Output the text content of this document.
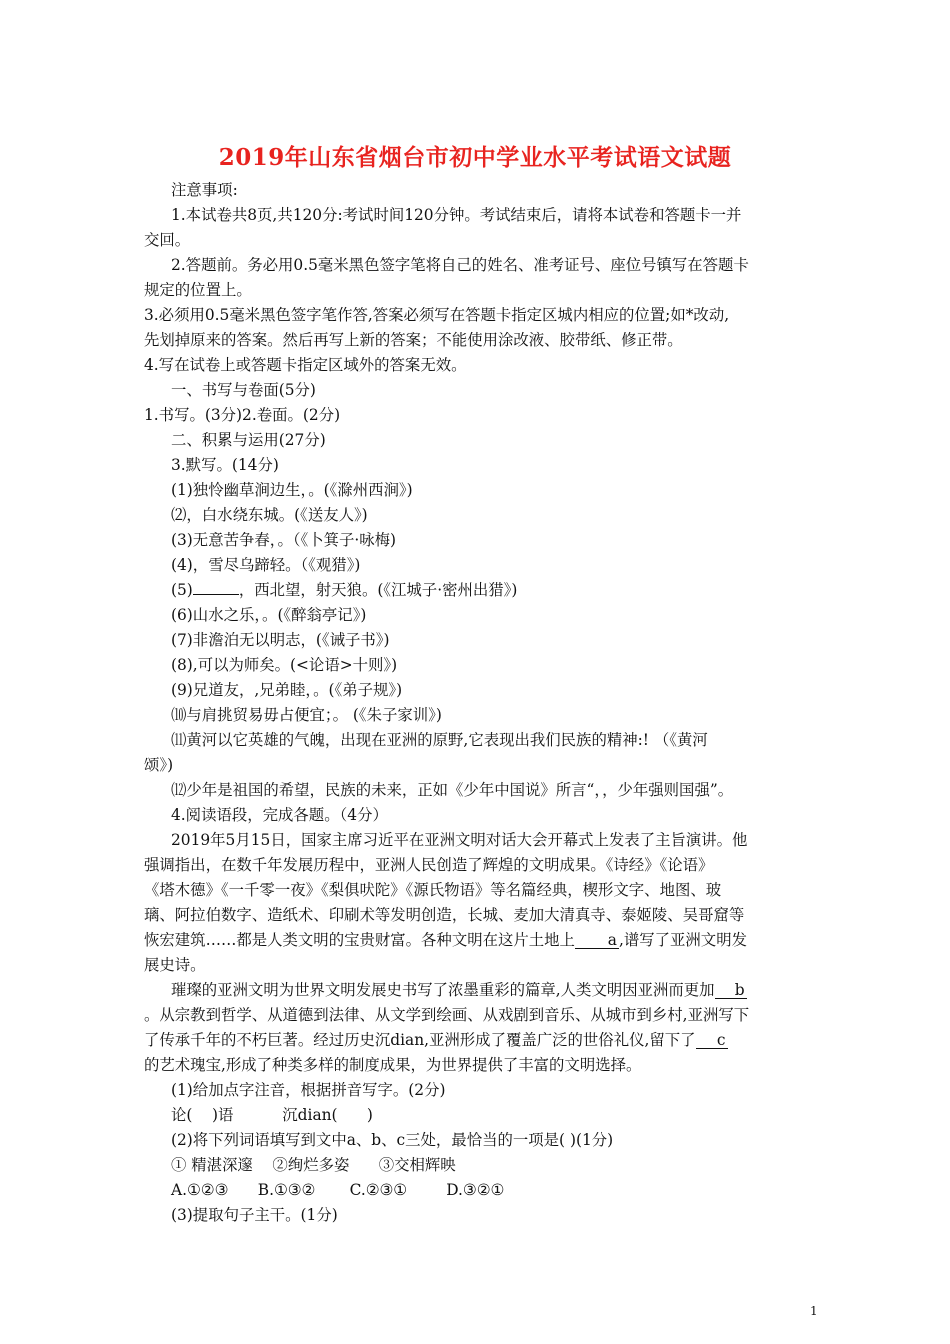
2019年山东省烟台市初中学业水平考试语文试题
注意事项:
1.本试卷共8页,共120分:考试时间120分钟。考试结束后，请将本试卷和答题卡一并
交回。
2.答题前。务必用0.5毫米黑色签字笔将自己的姓名、准考证号、座位号镇写在答题卡
规定的位置上。
3.必须用0.5毫米黑色签字笔作答,答案必须写在答题卡指定区城内相应的位置;如*改动,
先划掉原来的答案。然后再写上新的答案；不能使用涂改液、胶带纸、修正带。
4.写在试卷上或答题卡指定区域外的答案无效。
一、书写与卷面(5分)
1.书写。(3分)2.卷面。(2分)
二、积累与运用(27分)
3.默写。(14分)
(1)独怜幽草涧边生，。(《滁州西涧》)
⑵，白水绕东城。(《送友人》)
(3)无意苦争春，。（《卜箕子·咏梅)
(4)，雪尽乌蹄轻。（《观猎》)
(5)	，西北望，射天狼。(《江城子·密州出猎》)
(6)山水之乐，。(《醉翁亭记》)
(7)非澹泊无以明志，(《诫子书》)
(8),可以为师矣。(<论语>十则》)
(9)兄道友，,兄弟睦，。(《弟子规》)
⑽与肩挑贸易毋占便宜；。 (《朱子家训》)
⑾黄河以它英雄的气魄，出现在亚洲的原野,它表现出我们民族的精神:! （《黄河
颂》)
⑿少年是祖国的希望，民族的未来，正如《少年中国说》所言“，，少年强则国强”。
4.阅读语段，完成各题。（4分）
2019年5月15日，国家主席习近平在亚洲文明对话大会开幕式上发表了主旨演讲。他
强调指出，在数千年发展历程中，亚洲人民创造了辉煌的文明成果。《诗经》《论语》
《塔木德》《一千零一夜》《梨俱吠陀》《源氏物语》等名篇经典，楔形文字、地图、玻
璃、阿拉伯数字、造纸术、印刷术等发明创造，长城、麦加大清真寺、泰姬陵、吴哥窟等
恢宏建筑……都是人类文明的宝贵财富。各种文明在这片土地上 a ,谱写了亚洲文明发
展史诗。
璀璨的亚洲文明为世界文明发展史书写了浓墨重彩的篇章,人类文明因亚洲而更加 b
。从宗教到哲学、从道德到法律、从文学到绘画、从戏剧到音乐、从城市到乡村,亚洲写下
了传承千年的不朽巨著。经过历史沉dian,亚洲形成了覆盖广泛的世俗礼仪,留下了 c
的艺术瑰宝,形成了种类多样的制度成果，为世界提供了丰富的文明选择。
(1)给加点字注音，根据拼音写字。(2分)
论(    )语          沉dian(      )
(2)将下列词语填写到文中a、b、c三处，最恰当的一项是( )(1分)
① 精湛深邃    ②绚烂多姿      ③交相辉映
A.①②③      B.①③②       C.②③①        D.③②①
(3)提取句子主干。(1分)
1
